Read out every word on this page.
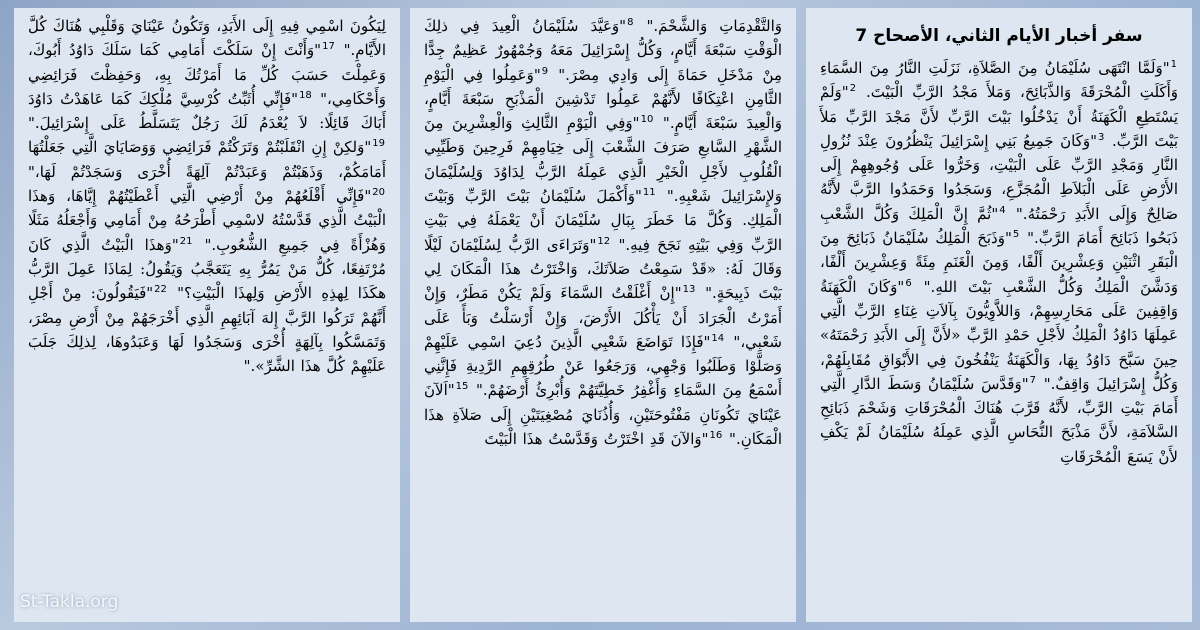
سفر أخبار الأيام الثاني، الأصحاح 7

$^1$"وَلَمَّا انْتَهَى سُلَيْمَانُ مِنَ الصَّلاَةِ، نَزَلَتِ النَّارُ مِنَ السَّمَاءِ وَأَكَلَتِ الْمُحْرَقَةَ وَالذَّبَائِحَ، وَمَلأَ مَجْدُ الرَّبِّ الْبَيْتَ. $^2$"وَلَمْ يَسْتَطِعِ الْكَهَنَةُ أَنْ يَدْخُلُوا بَيْتَ الرَّبِّ لأَنَّ مَجْدَ الرَّبِّ مَلأَ بَيْتَ الرَّبِّ. $^3$"وَكَانَ جَمِيعُ بَنِي إِسْرَائِيلَ يَنْظُرُونَ عِنْدَ نُزُولِ النَّارِ وَمَجْدِ الرَّبِّ عَلَى الْبَيْتِ، وَخَرُّوا عَلَى وُجُوهِهِمْ إِلَى الأَرْضِ عَلَى الْبَلاَطِ الْمُجَزَّعِ، وَسَجَدُوا وَحَمَدُوا الرَّبَّ لأَنَّهُ صَالِحٌ وَإِلَى الأَبَدِ رَحْمَتُهُ." $^4$"ثُمَّ إِنَّ الْمَلِكَ وَكُلَّ الشَّعْبِ ذَبَحُوا ذَبَائِحَ أَمَامَ الرَّبِّ." $^5$"وَذَبَحَ الْمَلِكُ سُلَيْمَانُ ذَبَائِحَ مِنَ الْبَقَرِ اثْنَيْنِ وَعِشْرِينَ أَلْفًا، وَمِنَ الْغَنَمِ مِئَةً وَعِشْرِينَ أَلْفًا، وَدَشَّنَ الْمَلِكُ وَكُلُّ الشَّعْبِ بَيْتَ اللهِ." $^6$"وَكَانَ الْكَهَنَةُ وَاقِفِينَ عَلَى مَحَارِسِهِمْ، وَاللاَّوِيُّونَ بِآلاَتِ غِنَاءِ الرَّبِّ الَّتِي عَمِلَهَا دَاوُدُ الْمَلِكُ لأَجْلِ حَمْدِ الرَّبِّ «لأَنَّ إِلَى الأَبَدِ رَحْمَتَهُ» حِينَ سَبَّحَ دَاوُدُ بِهَا، وَالْكَهَنَةُ يَنْفُخُونَ فِي الأَبْوَاقِ مُقَابِلَهُمْ، وَكُلُّ إِسْرَائِيلَ وَاقِفٌ." $^7$"وَقَدَّسَ سُلَيْمَانُ وَسَطَ الدَّارِ الَّتِي أَمَامَ بَيْتِ الرَّبِّ، لأَنَّهُ قَرَّبَ هُنَاكَ الْمُحْرَقَاتِ وَشَحْمَ ذَبَائِحِ السَّلاَمَةِ، لأَنَّ مَذْبَحَ النُّحَاسِ الَّذِي عَمِلَهُ سُلَيْمَانُ لَمْ يَكْفِ لأَنْ يَسَعَ الْمُحْرَقَاتِ

وَالتَّقْدِمَاتِ وَالشَّحْمَ." $^8$"وَعَيَّدَ سُلَيْمَانُ الْعِيدَ فِي ذلِكَ الْوَقْتِ سَبْعَةَ أَيَّامٍ، وَكُلُّ إِسْرَائِيلَ مَعَهُ وَجُمْهُورٌ عَظِيمٌ جِدًّا مِنْ مَدْخَلِ حَمَاةَ إِلَى وَادِي مِصْرَ." $^9$"وَعَمِلُوا فِي الْيَوْمِ الثَّامِنِ اعْتِكَافًا لأَنَّهُمْ عَمِلُوا تَدْشِينَ الْمَذْبَحِ سَبْعَةَ أَيَّامٍ، وَالْعِيدَ سَبْعَةَ أَيَّامٍ." $^{10}$"وَفِي الْيَوْمِ الثَّالِثِ وَالْعِشْرِينَ مِنَ الشَّهْرِ السَّابعِ صَرَفَ الشَّعْبَ إِلَى خِيَامِهِمْ فَرِحِينَ وَطَيِّبِي الْقُلُوبِ لأَجْلِ الْخَيْرِ الَّذِي عَمِلَهُ الرَّبُّ لِدَاوُدَ وَلِسُلَيْمَانَ وَلإِسْرَائِيلَ شَعْبِهِ." $^{11}$"وَأَكْمَلَ سُلَيْمَانُ بَيْتَ الرَّبِّ وَبَيْتَ الْمَلِكِ. وَكُلَّ مَا خَطَرَ بِبَالِ سُلَيْمَانَ أَنْ يَعْمَلَهُ فِي بَيْتِ الرَّبِّ وَفِي بَيْتِهِ نَجَحَ فِيهِ." $^{12}$"وَتَرَاءَى الرَّبُّ لِسُلَيْمَانَ لَيْلًا وَقَالَ لَهُ: «قَدْ سَمِعْتُ صَلاَتَكَ، وَاخْتَرْتُ هذَا الْمَكَانَ لِي بَيْتَ ذَبِيحَةٍ." $^{13}$"إِنْ أَغْلَقْتُ السَّمَاءَ وَلَمْ يَكُنْ مَطَرٌ، وَإِنْ أَمَرْتُ الْجَرَادَ أَنْ يَأْكُلَ الأَرْضَ، وَإِنْ أَرْسَلْتُ وَبَأً عَلَى شَعْبِي،" $^{14}$"فَإِذَا تَوَاضَعَ شَعْبِي الَّذِينَ دُعِيَ اسْمِي عَلَيْهِمْ وَصَلَّوْا وَطَلَبُوا وَجْهِي، وَرَجَعُوا عَنْ طُرُقِهِمِ الرَّدِيةِ فَإِنَّنِي أَسْمَعُ مِنَ السَّمَاءِ وَأَغْفِرُ خَطِيَّتَهُمْ وَأُبْرِئُ أَرْضَهُمْ." $^{15}$"اَلآنَ عَيْنَايَ تَكُونَانِ مَفْتُوحَتَيْنِ، وَأُذُنَايَ مُصْغِيَتَيْنِ إِلَى صَلاَةِ هذَا الْمَكَانِ." $^{16}$"وَالآنَ قَدِ اخْتَرْتُ وَقَدَّسْتُ هذَا الْبَيْتَ

لِيَكُونَ اسْمِي فِيهِ إِلَى الأَبَدِ، وَتَكُونُ عَيْنَايَ وَقَلْبِي هُنَاكَ كُلَّ الأَيَّامِ." $^{17}$"وَأَنْتَ إِنْ سَلَكْتَ أَمَامِي كَمَا سَلَكَ دَاوُدُ أَبُوكَ، وَعَمِلْتَ حَسَبَ كُلِّ مَا أَمَرْتُكَ بِهِ، وَحَفِظْتَ فَرَائِضِي وَأَحْكَامِي،" $^{18}$"فَإِنِّي أُثَبِّتُ كُرْسِيَّ مُلْكِكَ كَمَا عَاهَدْتُ دَاوُدَ أَبَاكَ قَائِلًا: لاَ يُعْدَمُ لَكَ رَجُلٌ يَتَسَلَّطُ عَلَى إِسْرَائِيلَ." $^{19}$"وَلكِنْ إِنِ انْقَلَبْتُمْ وَتَرَكْتُمْ فَرَائِضِي وَوَصَايَايَ الَّتِي جَعَلْتُهَا أَمَامَكُمْ، وَذَهَبْتُمْ وَعَبَدْتُمْ آلِهَةً أُخْرَى وَسَجَدْتُمْ لَهَا،" $^{20}$"فَإِنِّي أَقْلَعُهُمْ مِنْ أَرْضِي الَّتِي أَعْطَيْتُهُمْ إِيَّاهَا، وَهذَا الْبَيْتُ الَّذِي قَدَّسْتُهُ لاسْمِي أَطْرَحُهُ مِنْ أَمَامِي وَأَجْعَلُهُ مَثَلًا وَهُزْأَةً فِي جَمِيعِ الشُّعُوبِ." $^{21}$"وَهذَا الْبَيْتُ الَّذِي كَانَ مُرْتَفِعًا، كُلُّ مَنْ يَمُرُّ بِهِ يَتَعَجَّبُ وَيَقُولُ: لِمَاذَا عَمِلَ الرَّبُّ هكَذَا لِهذِهِ الأَرْضِ وَلِهذَا الْبَيْتِ؟" $^{22}$"فَيَقُولُونَ: مِنْ أَجْلِ أَنَّهُمْ تَرَكُوا الرَّبَّ إِلهَ آبَائِهِمِ الَّذِي أَخْرَجَهُمْ مِنْ أَرْضِ مِصْرَ، وَتَمَسَّكُوا بِآلِهَةٍ أُخْرَى وَسَجَدُوا لَهَا وَعَبَدُوهَا، لِذلِكَ جَلَبَ عَلَيْهِمْ كُلَّ هذَا الشَّرِّ»."

St-Takla.org
